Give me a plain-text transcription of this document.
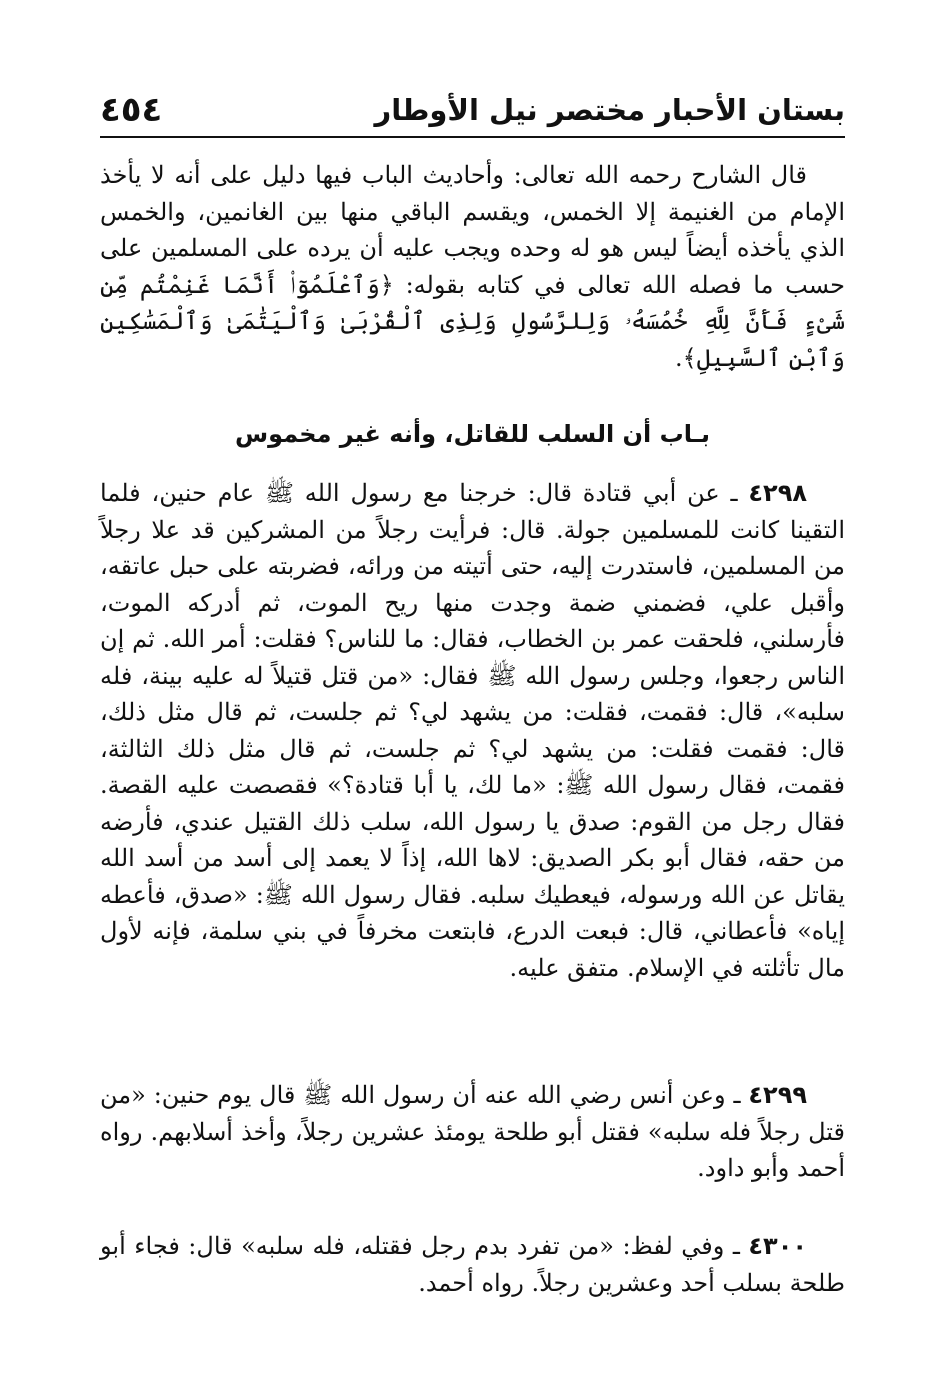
بستان الأحبار مختصر نيل الأوطار
٤٥٤

قال الشارح رحمه الله تعالى: وأحاديث الباب فيها دليل على أنه لا يأخذ الإمام من الغنيمة إلا الخمس، ويقسم الباقي منها بين الغانمين، والخمس الذي يأخذه أيضاً ليس هو له وحده ويجب عليه أن يرده على المسلمين على حسب ما فصله الله تعالى في كتابه بقوله: ﴿وَٱعْلَمُوٓا۟ أَنَّمَا غَنِمْتُم مِّن شَىْءٍ فَأَنَّ لِلَّهِ خُمُسَهُۥ وَلِلرَّسُولِ وَلِذِى ٱلْقُرْبَىٰ وَٱلْيَتَٰمَىٰ وَٱلْمَسَٰكِينِ وَٱبْنِ ٱلسَّبِيلِ﴾.

بـاب أن السلب للقاتل، وأنه غير مخموس

٤٢٩٨ ـ عن أبي قتادة قال: خرجنا مع رسول الله ﷺ عام حنين، فلما التقينا كانت للمسلمين جولة. قال: فرأيت رجلاً من المشركين قد علا رجلاً من المسلمين، فاستدرت إليه، حتى أتيته من ورائه، فضربته على حبل عاتقه، وأقبل علي، فضمني ضمة وجدت منها ريح الموت، ثم أدركه الموت، فأرسلني، فلحقت عمر بن الخطاب، فقال: ما للناس؟ فقلت: أمر الله. ثم إن الناس رجعوا، وجلس رسول الله ﷺ فقال: «من قتل قتيلاً له عليه بينة، فله سلبه»، قال: فقمت، فقلت: من يشهد لي؟ ثم جلست، ثم قال مثل ذلك، قال: فقمت فقلت: من يشهد لي؟ ثم جلست، ثم قال مثل ذلك الثالثة، فقمت، فقال رسول الله ﷺ: «ما لك، يا أبا قتادة؟» فقصصت عليه القصة. فقال رجل من القوم: صدق يا رسول الله، سلب ذلك القتيل عندي، فأرضه من حقه، فقال أبو بكر الصديق: لاها الله، إذاً لا يعمد إلى أسد من أسد الله يقاتل عن الله ورسوله، فيعطيك سلبه. فقال رسول الله ﷺ: «صدق، فأعطه إياه» فأعطاني، قال: فبعت الدرع، فابتعت مخرفاً في بني سلمة، فإنه لأول مال تأثلته في الإسلام. متفق عليه.

٤٢٩٩ ـ وعن أنس رضي الله عنه أن رسول الله ﷺ قال يوم حنين: «من قتل رجلاً فله سلبه» فقتل أبو طلحة يومئذ عشرين رجلاً، وأخذ أسلابهم. رواه أحمد وأبو داود.

٤٣٠٠ ـ وفي لفظ: «من تفرد بدم رجل فقتله، فله سلبه» قال: فجاء أبو طلحة بسلب أحد وعشرين رجلاً. رواه أحمد.
